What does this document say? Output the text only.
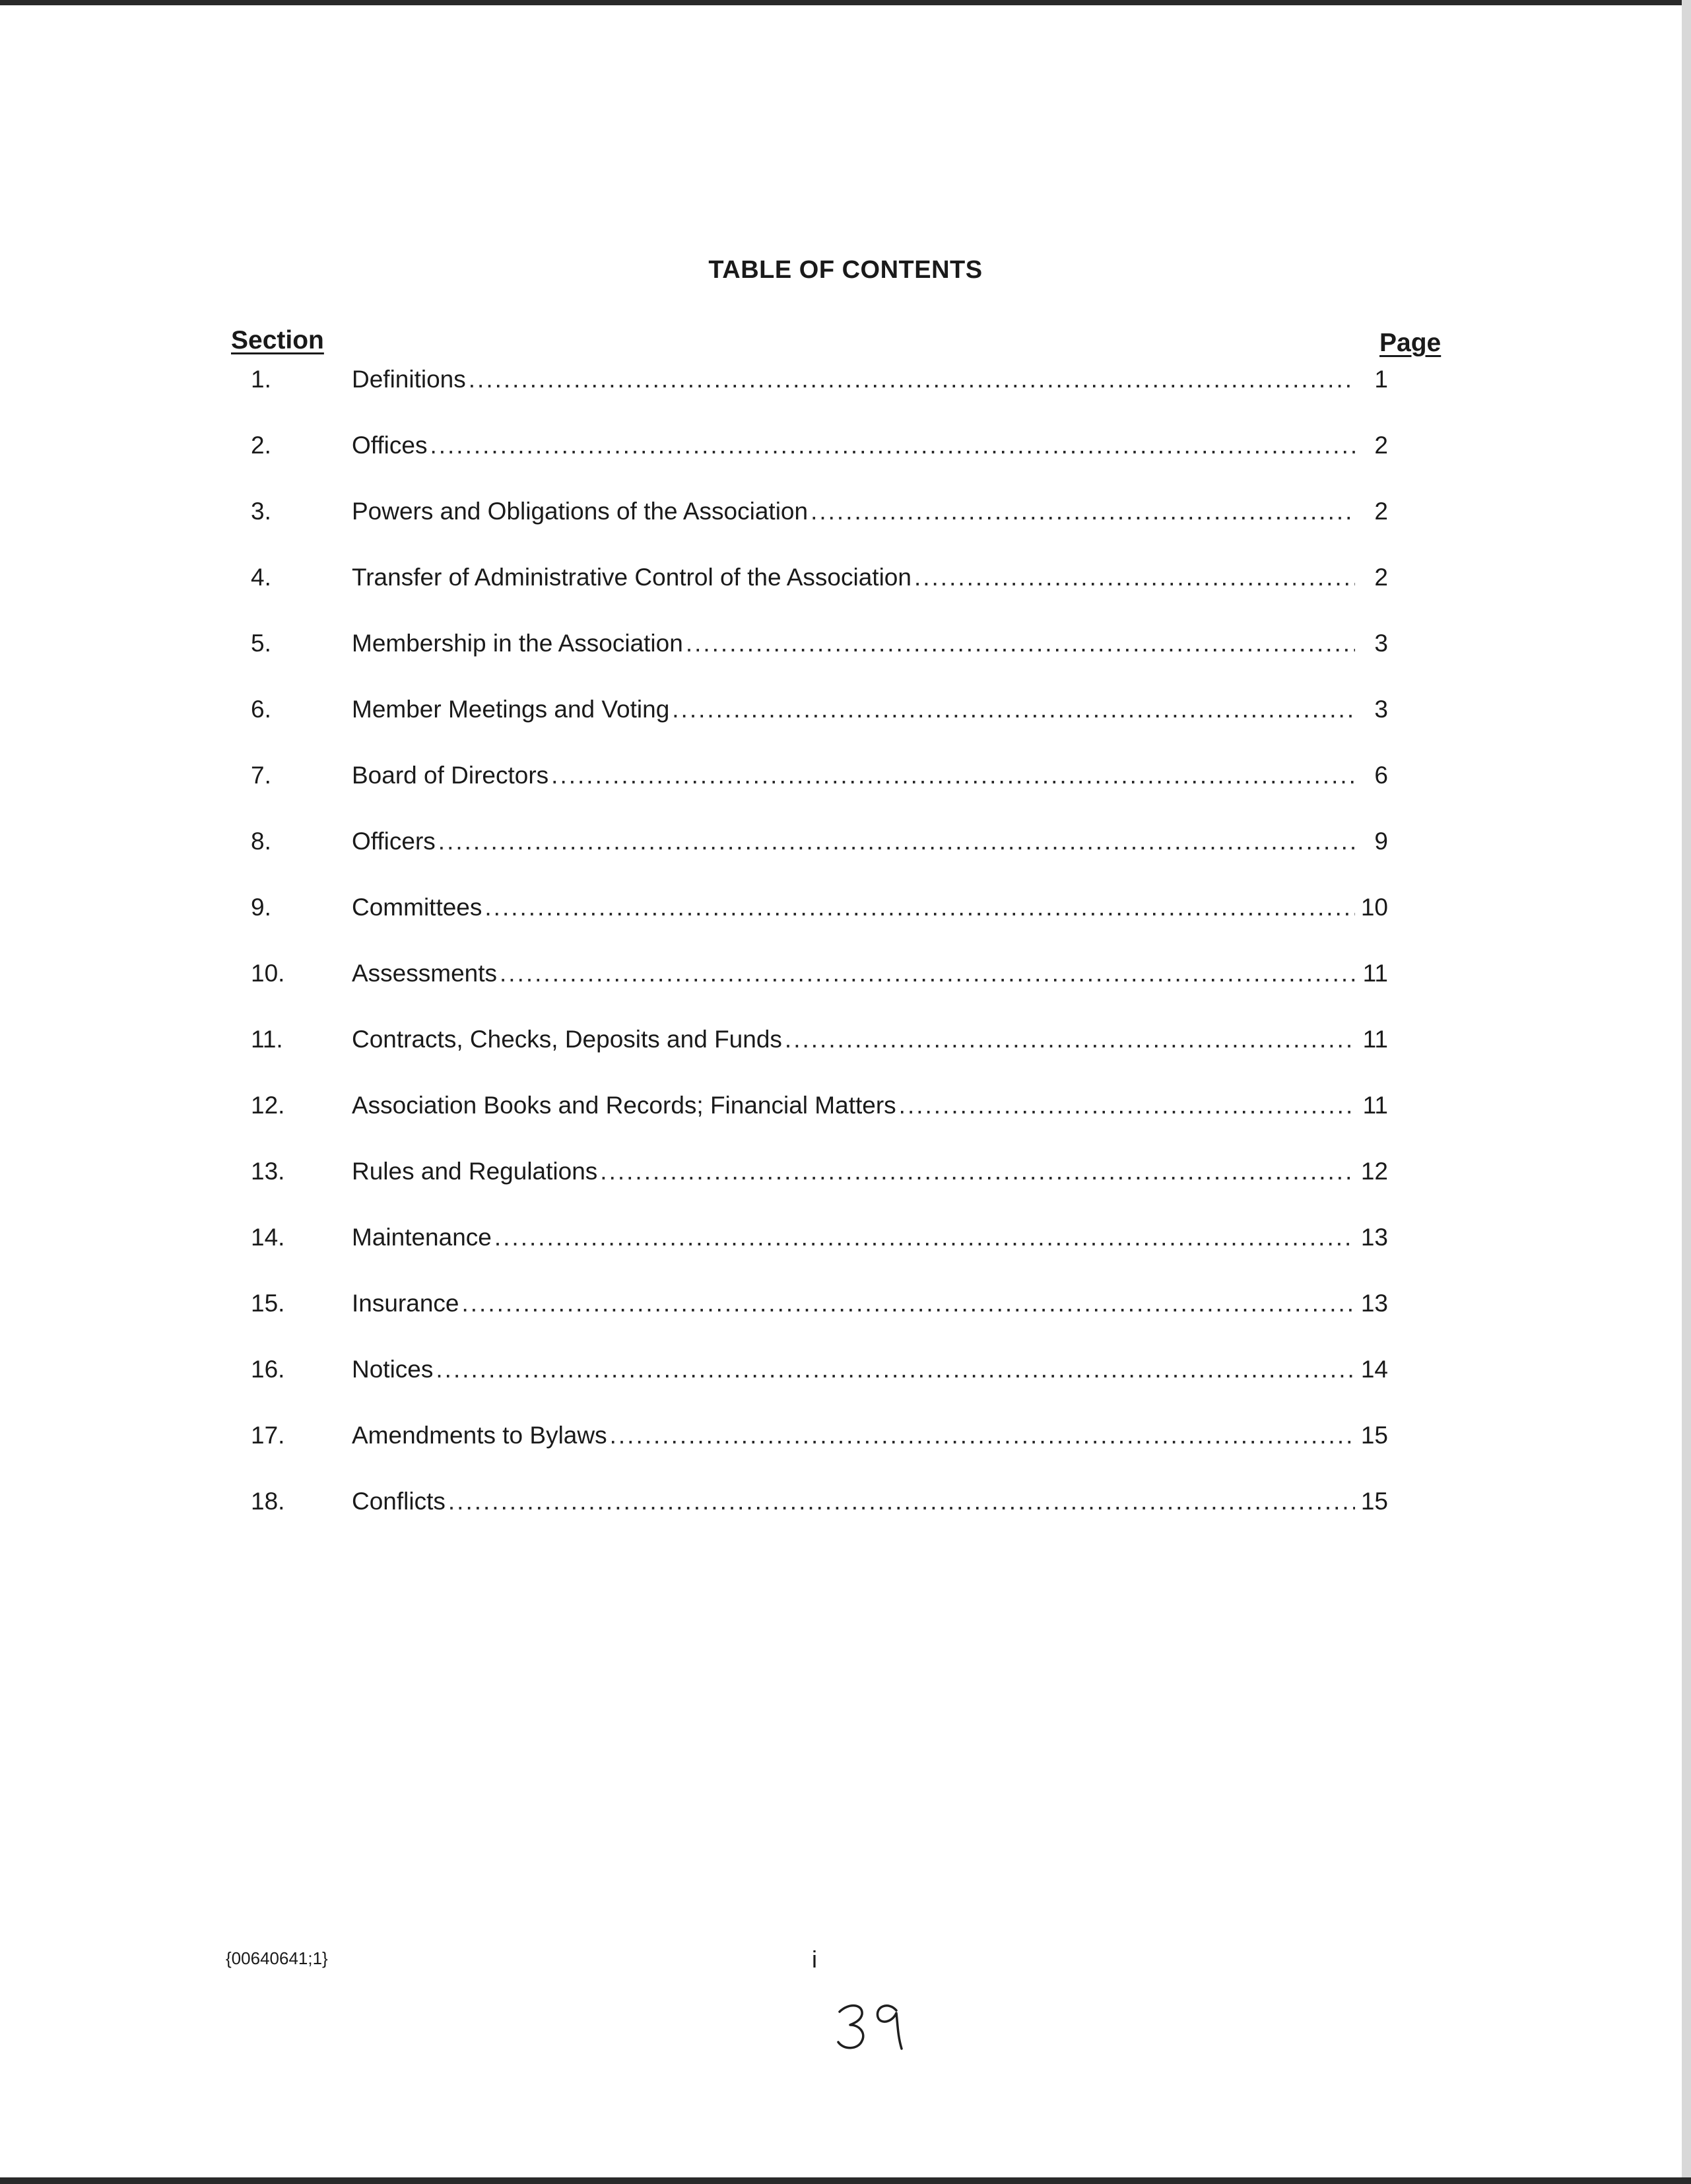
TABLE OF CONTENTS
Section	Page
1.	Definitions .....	1
2.	Offices .....	2
3.	Powers and Obligations of the Association .....	2
4.	Transfer of Administrative Control of the Association .....	2
5.	Membership in the Association .....	3
6.	Member Meetings and Voting .....	3
7.	Board of Directors .....	6
8.	Officers .....	9
9.	Committees .....	10
10.	Assessments .....	11
11.	Contracts, Checks, Deposits and Funds .....	11
12.	Association Books and Records; Financial Matters .....	11
13.	Rules and Regulations .....	12
14.	Maintenance .....	13
15.	Insurance .....	13
16.	Notices .....	14
17.	Amendments to Bylaws .....	15
18.	Conflicts .....	15
{00640641;1}	i
